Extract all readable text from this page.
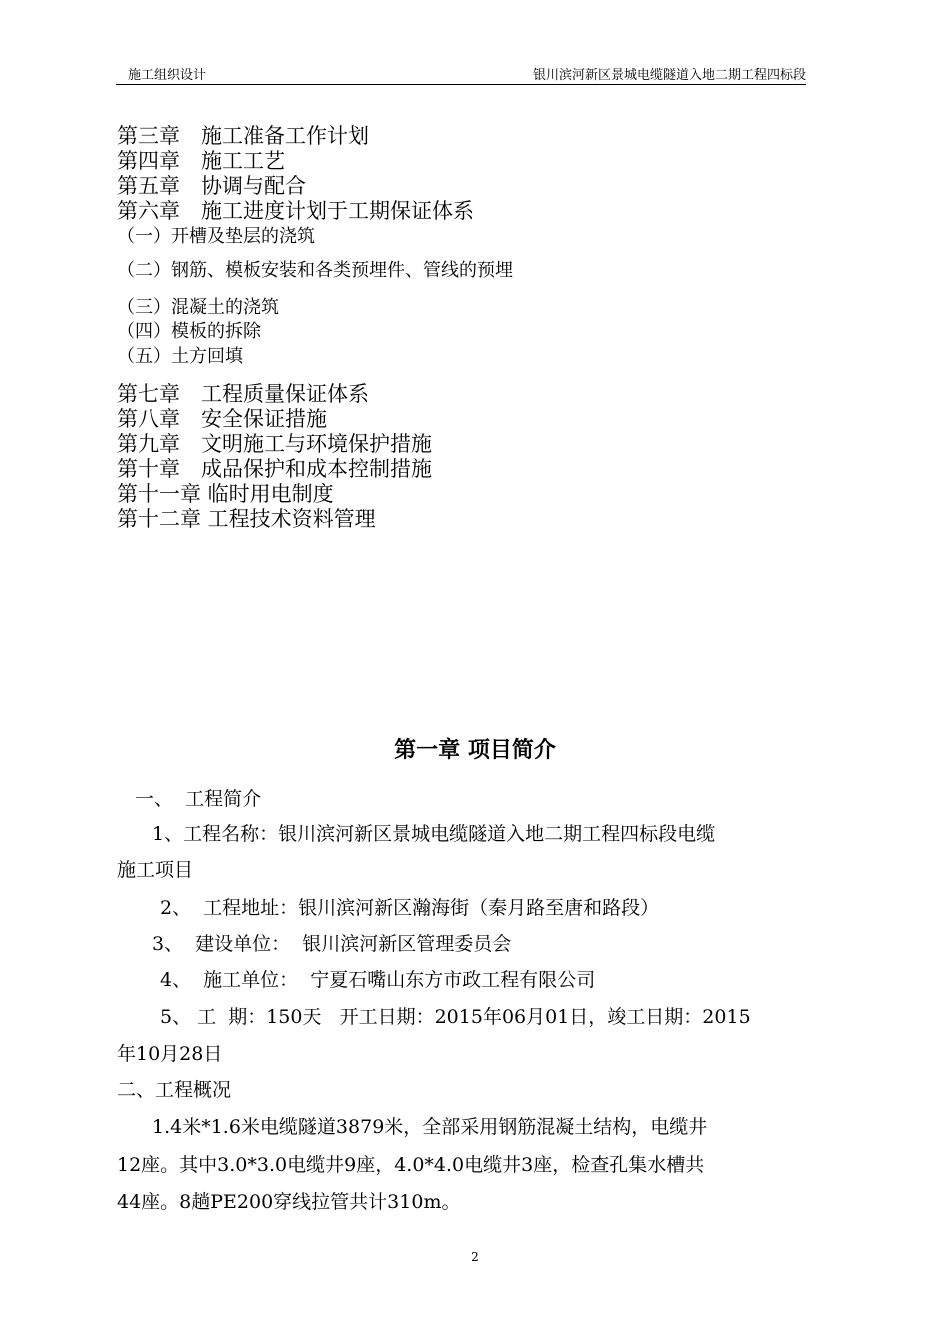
施工组织设计	银川滨河新区景城电缆隧道入地二期工程四标段
第三章　施工准备工作计划
第四章　施工工艺
第五章　协调与配合
第六章　施工进度计划于工期保证体系
（一）开槽及垫层的浇筑
（二）钢筋、模板安装和各类预埋件、管线的预埋
（三）混凝土的浇筑
（四）模板的拆除
（五）土方回填
第七章　工程质量保证体系
第八章　安全保证措施
第九章　文明施工与环境保护措施
第十章　成品保护和成本控制措施
第十一章 临时用电制度
第十二章 工程技术资料管理
第一章 项目简介
一、  工程简介
1、工程名称：银川滨河新区景城电缆隧道入地二期工程四标段电缆
施工项目
2、  工程地址：银川滨河新区瀚海街（秦月路至唐和路段）
3、  建设单位：  银川滨河新区管理委员会
4、  施工单位：  宁夏石嘴山东方市政工程有限公司
5、 工  期：150天   开工日期：2015年06月01日，竣工日期：2015
年10月28日
二、工程概况
1.4米*1.6米电缆隧道3879米，全部采用钢筋混凝土结构，电缆井
12座。其中3.0*3.0电缆井9座，4.0*4.0电缆井3座，检查孔集水槽共
44座。8趟PE200穿线拉管共计310m。
2
